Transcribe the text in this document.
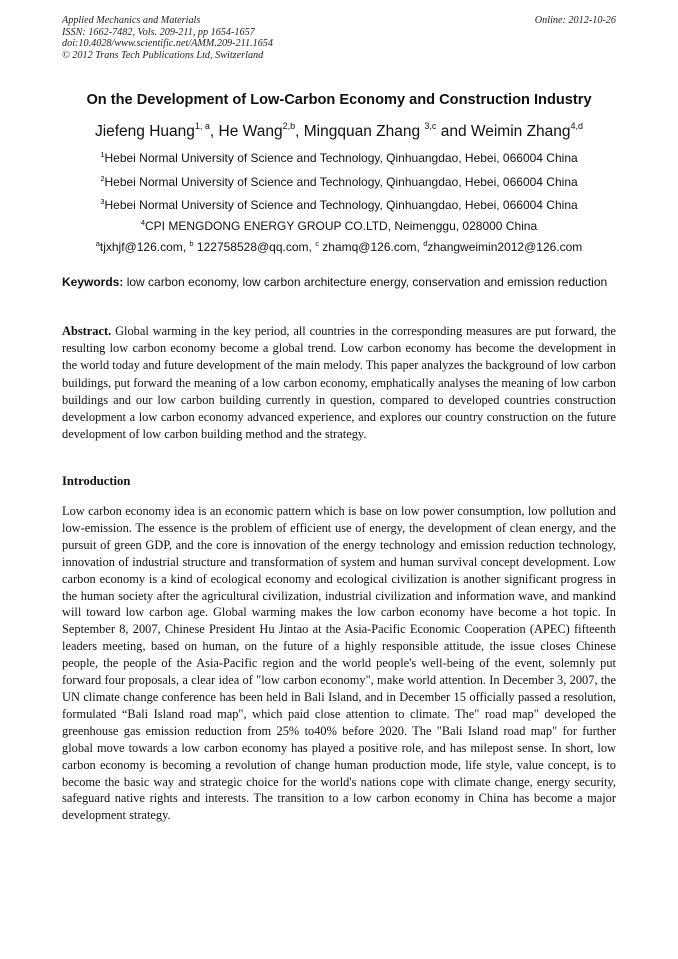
Applied Mechanics and Materials
ISSN: 1662-7482, Vols. 209-211, pp 1654-1657
doi:10.4028/www.scientific.net/AMM.209-211.1654
© 2012 Trans Tech Publications Ltd, Switzerland
Online: 2012-10-26
On the Development of Low-Carbon Economy and Construction Industry
Jiefeng Huang$^{1, a}$, He Wang$^{2,b}$, Mingquan Zhang $^{3,c}$ and Weimin Zhang$^{4,d}$
$^1$Hebei Normal University of Science and Technology, Qinhuangdao, Hebei, 066004 China
$^2$Hebei Normal University of Science and Technology, Qinhuangdao, Hebei, 066004 China
$^3$Hebei Normal University of Science and Technology, Qinhuangdao, Hebei, 066004 China
$^4$CPI MENGDONG ENERGY GROUP CO.LTD, Neimenggu, 028000 China
$^a$tjxhjf@126.com, $^b$ 122758528@qq.com, $^c$ zhamq@126.com, $^d$zhangweimin2012@126.com
Keywords: low carbon economy, low carbon architecture energy, conservation and emission reduction
Abstract. Global warming in the key period, all countries in the corresponding measures are put forward, the resulting low carbon economy become a global trend. Low carbon economy has become the development in the world today and future development of the main melody. This paper analyzes the background of low carbon buildings, put forward the meaning of a low carbon economy, emphatically analyses the meaning of low carbon buildings and our low carbon building currently in question, compared to developed countries construction development a low carbon economy advanced experience, and explores our country construction on the future development of low carbon building method and the strategy.
Introduction
Low carbon economy idea is an economic pattern which is base on low power consumption, low pollution and low-emission. The essence is the problem of efficient use of energy, the development of clean energy, and the pursuit of green GDP, and the core is innovation of the energy technology and emission reduction technology, innovation of industrial structure and transformation of system and human survival concept development. Low carbon economy is a kind of ecological economy and ecological civilization is another significant progress in the human society after the agricultural civilization, industrial civilization and information wave, and mankind will toward low carbon age. Global warming makes the low carbon economy have become a hot topic. In September 8, 2007, Chinese President Hu Jintao at the Asia-Pacific Economic Cooperation (APEC) fifteenth leaders meeting, based on human, on the future of a highly responsible attitude, the issue closes Chinese people, the people of the Asia-Pacific region and the world people's well-being of the event, solemnly put forward four proposals, a clear idea of "low carbon economy", make world attention. In December 3, 2007, the UN climate change conference has been held in Bali Island, and in December 15 officially passed a resolution, formulated “Bali Island road map", which paid close attention to climate. The" road map" developed the greenhouse gas emission reduction from 25% to40% before 2020. The "Bali Island road map" for further global move towards a low carbon economy has played a positive role, and has milepost sense. In short, low carbon economy is becoming a revolution of change human production mode, life style, value concept, is to become the basic way and strategic choice for the world's nations cope with climate change, energy security, safeguard native rights and interests. The transition to a low carbon economy in China has become a major development strategy.
